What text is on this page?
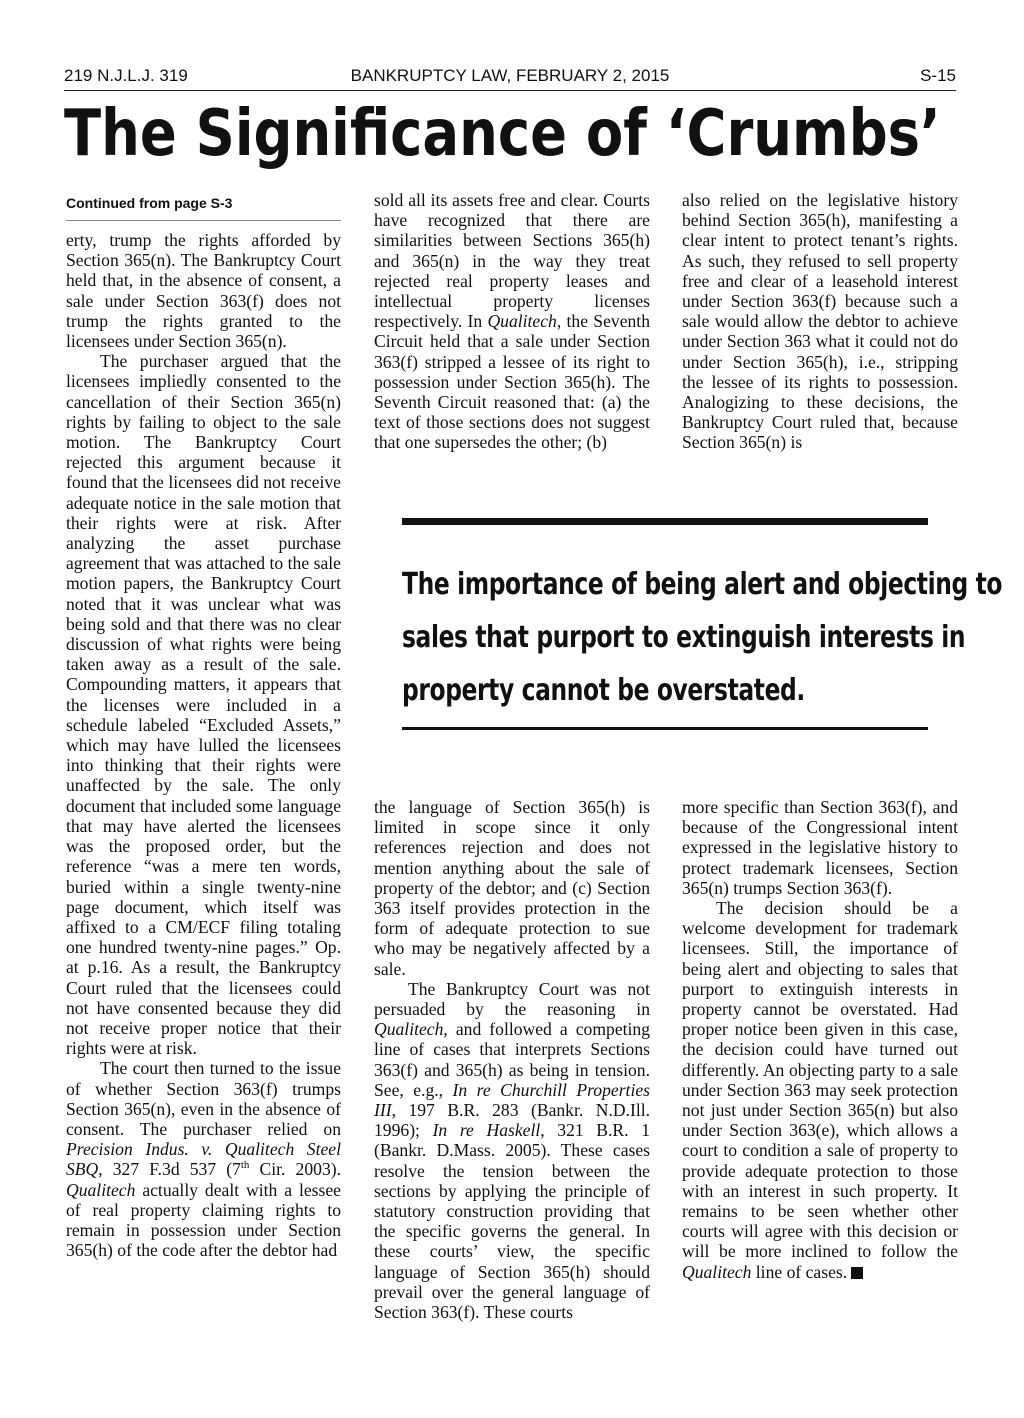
219 N.J.L.J. 319	BANKRUPTCY LAW, FEBRUARY 2, 2015	S-15
The Significance of ‘Crumbs’
Continued from page S-3

erty, trump the rights afforded by Section 365(n). The Bankruptcy Court held that, in the absence of consent, a sale under Section 363(f) does not trump the rights granted to the licensees under Section 365(n).

The purchaser argued that the licensees impliedly consented to the cancellation of their Section 365(n) rights by failing to object to the sale motion. The Bankruptcy Court rejected this argument because it found that the licensees did not receive adequate notice in the sale motion that their rights were at risk. After analyzing the asset purchase agreement that was attached to the sale motion papers, the Bankruptcy Court noted that it was unclear what was being sold and that there was no clear discussion of what rights were being taken away as a result of the sale. Compounding matters, it appears that the licenses were included in a schedule labeled “Excluded Assets,” which may have lulled the licensees into thinking that their rights were unaffected by the sale. The only document that included some language that may have alerted the licensees was the proposed order, but the reference “was a mere ten words, buried within a single twenty-nine page document, which itself was affixed to a CM/ECF filing totaling one hundred twenty-nine pages.” Op. at p.16. As a result, the Bankruptcy Court ruled that the licensees could not have consented because they did not receive proper notice that their rights were at risk.

The court then turned to the issue of whether Section 363(f) trumps Section 365(n), even in the absence of consent. The purchaser relied on Precision Indus. v. Qualitech Steel SBQ, 327 F.3d 537 (7th Cir. 2003). Qualitech actually dealt with a lessee of real property claiming rights to remain in possession under Section 365(h) of the code after the debtor had

sold all its assets free and clear. Courts have recognized that there are similarities between Sections 365(h) and 365(n) in the way they treat rejected real property leases and intellectual property licenses respectively. In Qualitech, the Seventh Circuit held that a sale under Section 363(f) stripped a lessee of its right to possession under Section 365(h). The Seventh Circuit reasoned that: (a) the text of those sections does not suggest that one supersedes the other; (b)

also relied on the legislative history behind Section 365(h), manifesting a clear intent to protect tenant’s rights. As such, they refused to sell property free and clear of a leasehold interest under Section 363(f) because such a sale would allow the debtor to achieve under Section 363 what it could not do under Section 365(h), i.e., stripping the lessee of its rights to possession. Analogizing to these decisions, the Bankruptcy Court ruled that, because Section 365(n) is

The importance of being alert and objecting to
sales that purport to extinguish interests in
property cannot be overstated.

the language of Section 365(h) is limited in scope since it only references rejection and does not mention anything about the sale of property of the debtor; and (c) Section 363 itself provides protection in the form of adequate protection to sue who may be negatively affected by a sale.

The Bankruptcy Court was not persuaded by the reasoning in Qualitech, and followed a competing line of cases that interprets Sections 363(f) and 365(h) as being in tension. See, e.g., In re Churchill Properties III, 197 B.R. 283 (Bankr. N.D.Ill. 1996); In re Haskell, 321 B.R. 1 (Bankr. D.Mass. 2005). These cases resolve the tension between the sections by applying the principle of statutory construction providing that the specific governs the general. In these courts’ view, the specific language of Section 365(h) should prevail over the general language of Section 363(f). These courts

more specific than Section 363(f), and because of the Congressional intent expressed in the legislative history to protect trademark licensees, Section 365(n) trumps Section 363(f).

The decision should be a welcome development for trademark licensees. Still, the importance of being alert and objecting to sales that purport to extinguish interests in property cannot be overstated. Had proper notice been given in this case, the decision could have turned out differently. An objecting party to a sale under Section 363 may seek protection not just under Section 365(n) but also under Section 363(e), which allows a court to condition a sale of property to provide adequate protection to those with an interest in such property. It remains to be seen whether other courts will agree with this decision or will be more inclined to follow the Qualitech line of cases.
